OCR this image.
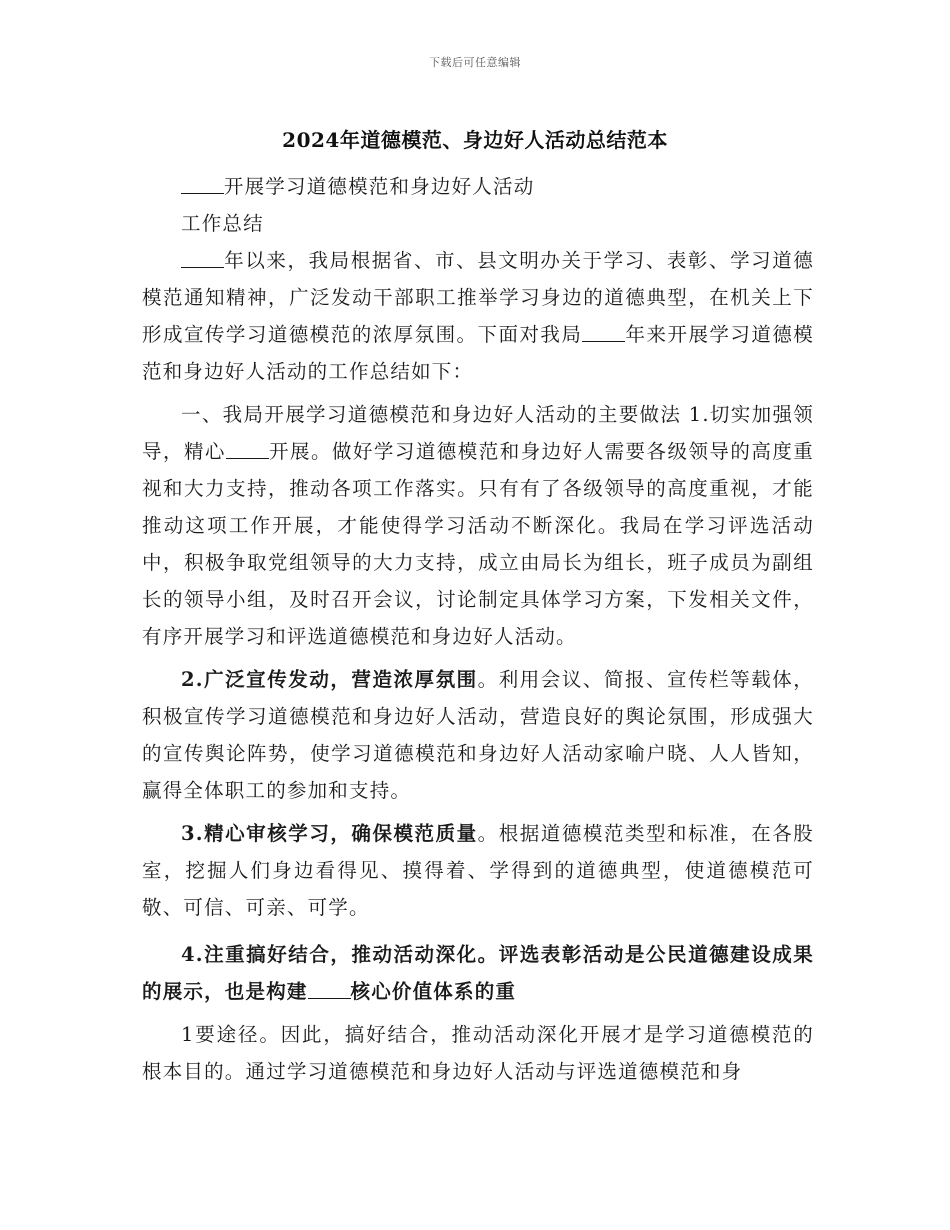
下载后可任意编辑
2024年道德模范、身边好人活动总结范本

开展学习道德模范和身边好人活动

工作总结

年以来，我局根据省、市、县文明办关于学习、表彰、学习道德模范通知精神，广泛发动干部职工推举学习身边的道德典型，在机关上下形成宣传学习道德模范的浓厚氛围。下面对我局 年来开展学习道德模范和身边好人活动的工作总结如下：

一、我局开展学习道德模范和身边好人活动的主要做法 1.切实加强领导，精心 开展。做好学习道德模范和身边好人需要各级领导的高度重视和大力支持，推动各项工作落实。只有有了各级领导的高度重视，才能推动这项工作开展，才能使得学习活动不断深化。我局在学习评选活动中，积极争取党组领导的大力支持，成立由局长为组长，班子成员为副组长的领导小组，及时召开会议，讨论制定具体学习方案，下发相关文件，有序开展学习和评选道德模范和身边好人活动。

2.广泛宣传发动，营造浓厚氛围。利用会议、简报、宣传栏等载体，积极宣传学习道德模范和身边好人活动，营造良好的舆论氛围，形成强大的宣传舆论阵势，使学习道德模范和身边好人活动家喻户晓、人人皆知，赢得全体职工的参加和支持。

3.精心审核学习，确保模范质量。根据道德模范类型和标准，在各股室，挖掘人们身边看得见、摸得着、学得到的道德典型，使道德模范可敬、可信、可亲、可学。

4.注重搞好结合，推动活动深化。评选表彰活动是公民道德建设成果的展示，也是构建 核心价值体系的重

1要途径。因此，搞好结合，推动活动深化开展才是学习道德模范的根本目的。通过学习道德模范和身边好人活动与评选道德模范和身
